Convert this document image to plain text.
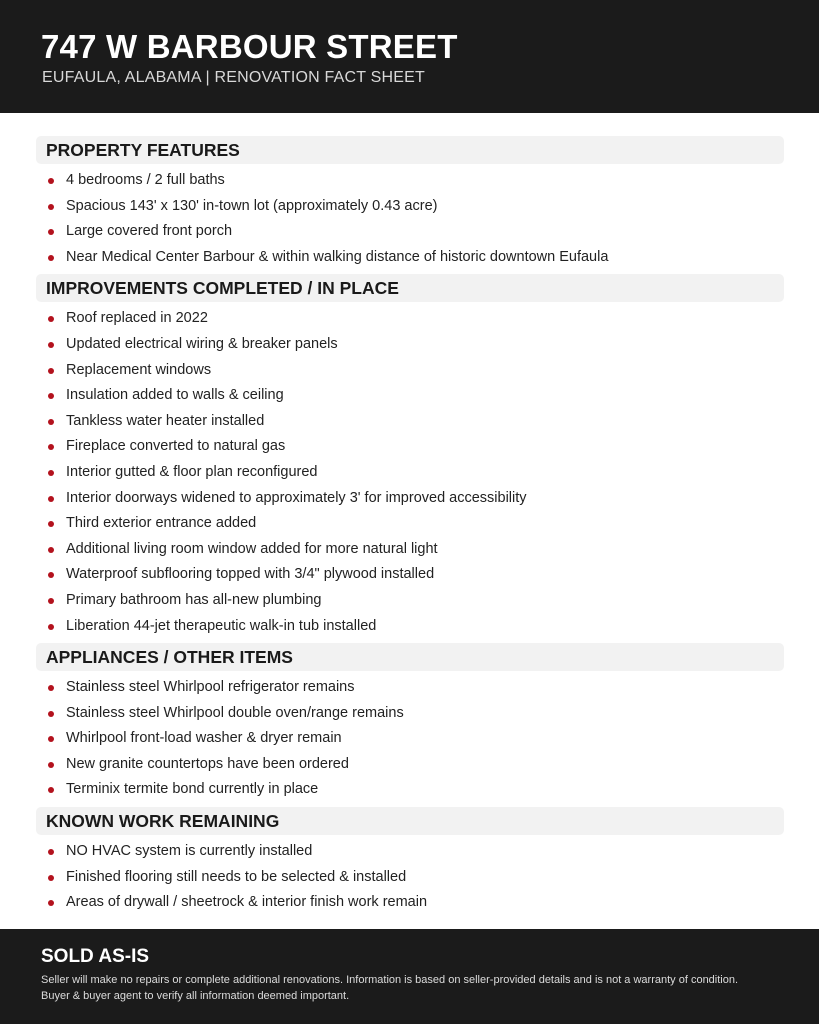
747 W BARBOUR STREET
EUFAULA, ALABAMA | RENOVATION FACT SHEET
PROPERTY FEATURES
4 bedrooms / 2 full baths
Spacious 143' x 130' in-town lot (approximately 0.43 acre)
Large covered front porch
Near Medical Center Barbour & within walking distance of historic downtown Eufaula
IMPROVEMENTS COMPLETED / IN PLACE
Roof replaced in 2022
Updated electrical wiring & breaker panels
Replacement windows
Insulation added to walls & ceiling
Tankless water heater installed
Fireplace converted to natural gas
Interior gutted & floor plan reconfigured
Interior doorways widened to approximately 3' for improved accessibility
Third exterior entrance added
Additional living room window added for more natural light
Waterproof subflooring topped with 3/4" plywood installed
Primary bathroom has all-new plumbing
Liberation 44-jet therapeutic walk-in tub installed
APPLIANCES / OTHER ITEMS
Stainless steel Whirlpool refrigerator remains
Stainless steel Whirlpool double oven/range remains
Whirlpool front-load washer & dryer remain
New granite countertops have been ordered
Terminix termite bond currently in place
KNOWN WORK REMAINING
NO HVAC system is currently installed
Finished flooring still needs to be selected & installed
Areas of drywall / sheetrock & interior finish work remain
SOLD AS-IS
Seller will make no repairs or complete additional renovations. Information is based on seller-provided details and is not a warranty of condition. Buyer & buyer agent to verify all information deemed important.
